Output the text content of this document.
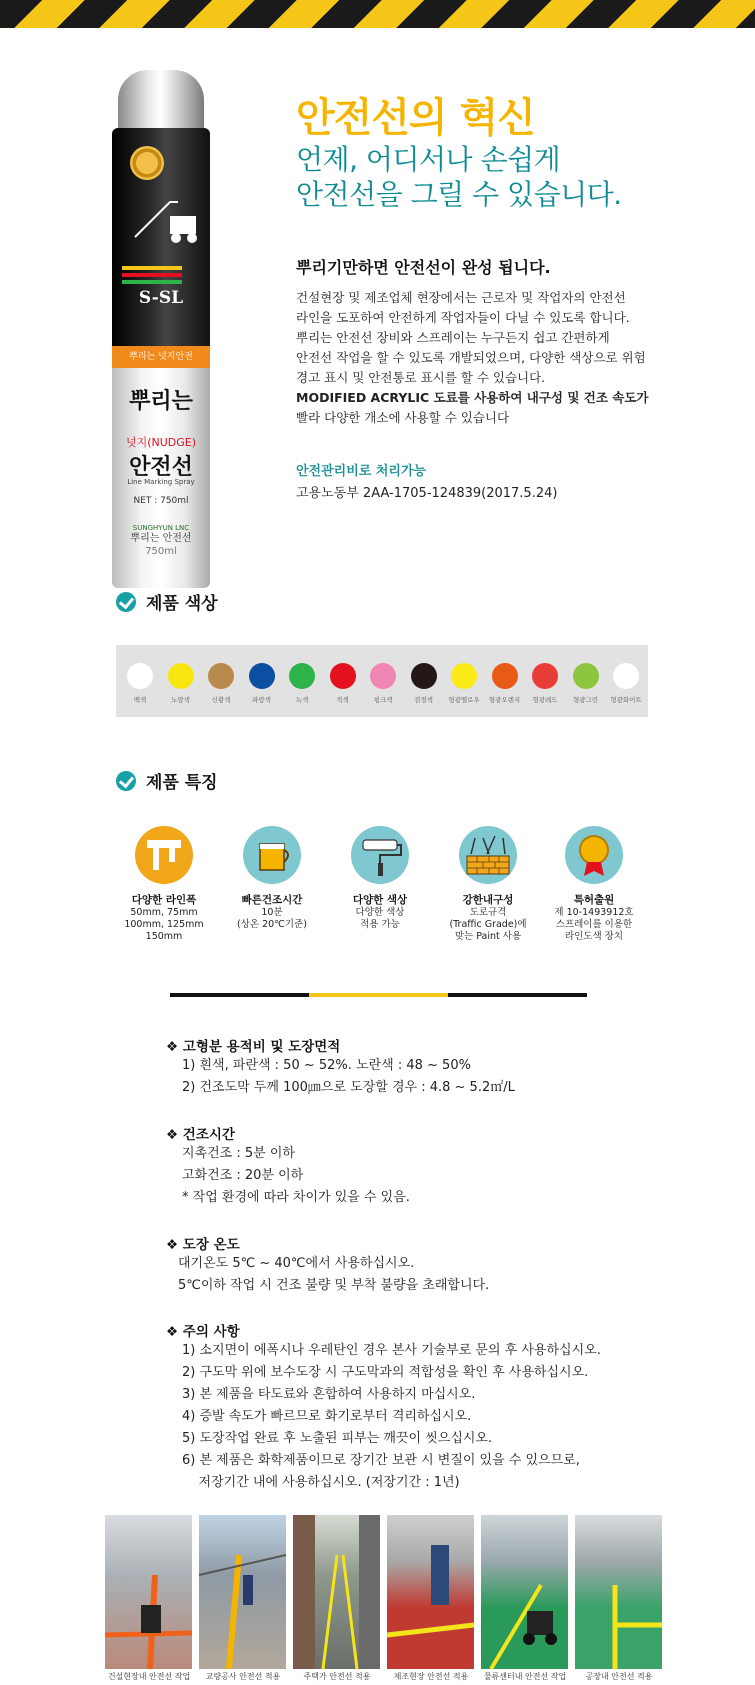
S-SL
뿌리는 넛지안전
뿌리는
넛지(NUDGE)
안전선
Line Marking Spray
NET : 750ml
SUNGHYUN LNC
뿌리는 안전선
750ml
안전선의 혁신
언제, 어디서나 손쉽게
안전선을 그릴 수 있습니다.
뿌리기만하면 안전선이 완성 됩니다.
건설현장 및 제조업체 현장에서는 근로자 및 작업자의 안전선
라인을 도포하여 안전하게 작업자들이 다닐 수 있도록 합니다.
뿌리는 안전선 장비와 스프레이는 누구든지 쉽고 간편하게
안전선 작업을 할 수 있도록 개발되었으며, 다양한 색상으로 위험
경고 표시 및 안전통로 표시를 할 수 있습니다.
MODIFIED ACRYLIC 도료를 사용하여 내구성 및 건조 속도가
빨라 다양한 개소에 사용할 수 있습니다
안전관리비로 처리가능
고용노동부 2AA-1705-124839(2017.5.24)
제품 색상
백색	노랑색	신황색	파랑색	녹색	적색	핑크색	검정색	형광옐로우	형광오렌지	형광레드	형광그린	형광화이트
제품 특징
다양한 라인폭
50mm, 75mm
100mm, 125mm
150mm
빠른건조시간
10분
(상온 20℃기준)
다양한 색상
다양한 색상
적용 가능
강한내구성
도로규격
(Traffic Grade)에
맞는 Paint 사용
특허출원
제 10-1493912호
스프레이를 이용한
라인도색 장치
❖ 고형분 용적비 및 도장면적
1) 흰색, 파란색 : 50 ~ 52%. 노란색 : 48 ~ 50%
2) 건조도막 두께 100㎛으로 도장할 경우 : 4.8 ~ 5.2㎡/L
❖ 건조시간
지촉건조 : 5분 이하
고화건조 : 20분 이하
* 작업 환경에 따라 차이가 있을 수 있음.
❖ 도장 온도
대기온도 5℃ ~ 40℃에서 사용하십시오.
5℃이하 작업 시 건조 불량 및 부착 불량을 초래합니다.
❖ 주의 사항
1) 소지면이 에폭시나 우레탄인 경우 본사 기술부로 문의 후 사용하십시오.
2) 구도막 위에 보수도장 시 구도막과의 적합성을 확인 후 사용하십시오.
3) 본 제품을 타도료와 혼합하여 사용하지 마십시오.
4) 증발 속도가 빠르므로 화기로부터 격리하십시오.
5) 도장작업 완료 후 노출된 피부는 깨끗이 씻으십시오.
6) 본 제품은 화학제품이므로 장기간 보관 시 변질이 있을 수 있으므로,
저장기간 내에 사용하십시오. (저장기간 : 1년)
건설현장내 안전선 작업	교량공사 안전선 적용	주택가 안전선 적용	제조현장 안전선 적용	물류센터내 안전선 작업	공장내 안전선 적용
